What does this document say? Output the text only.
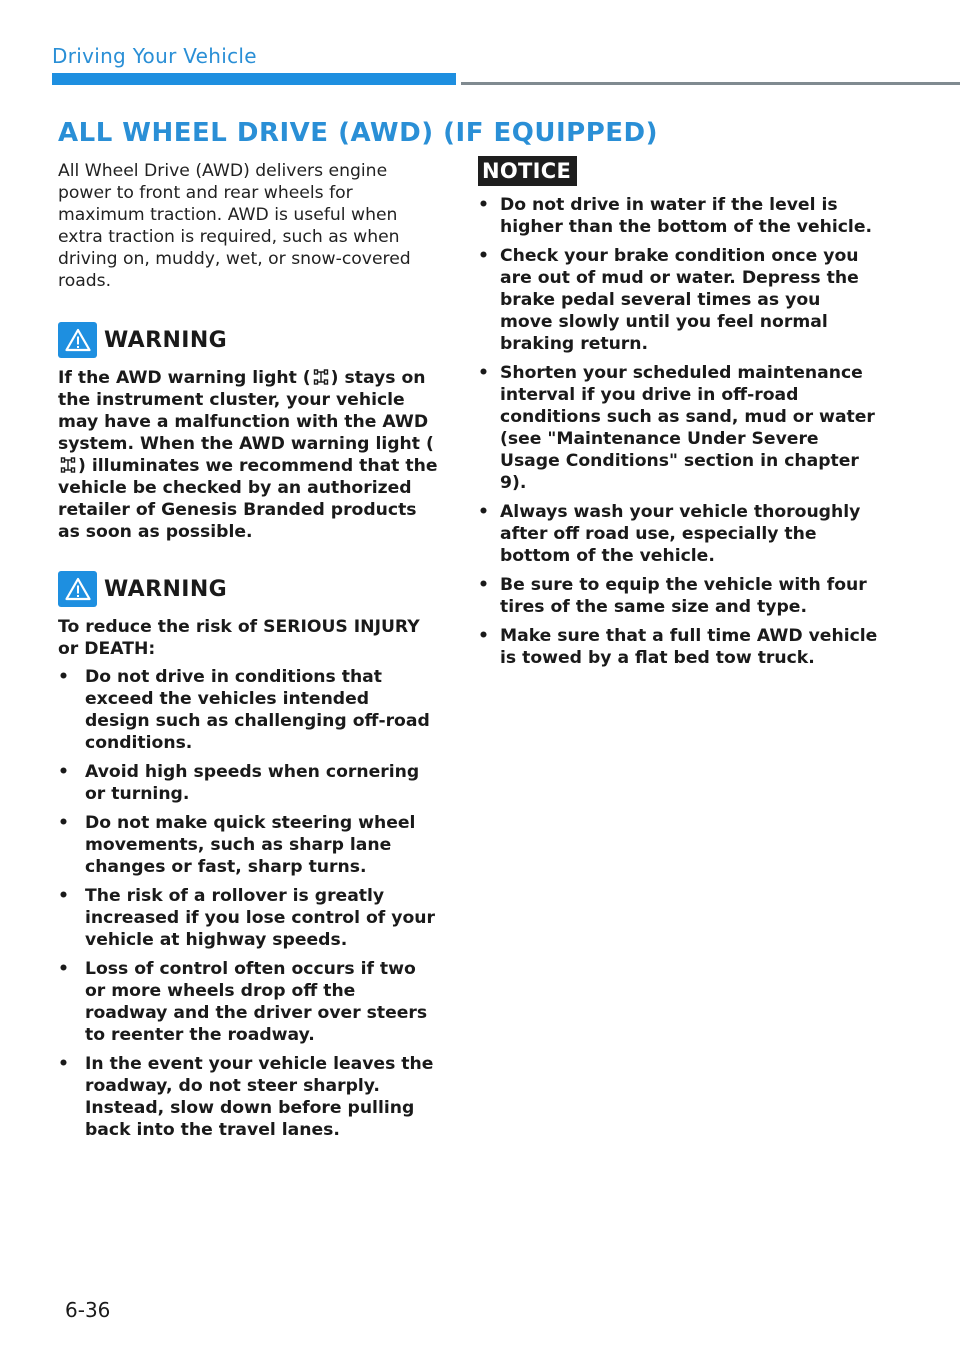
Driving Your Vehicle
ALL WHEEL DRIVE (AWD) (IF EQUIPPED)

All Wheel Drive (AWD) delivers engine power to front and rear wheels for maximum traction. AWD is useful when extra traction is required, such as when driving on, muddy, wet, or snow-covered roads.

WARNING

If the AWD warning light ( ) stays on the instrument cluster, your vehicle may have a malfunction with the AWD system. When the AWD warning light () illuminates we recommend that the vehicle be checked by an authorized retailer of Genesis Branded products as soon as possible.

WARNING

To reduce the risk of SERIOUS INJURY or DEATH:

• Do not drive in conditions that exceed the vehicles intended design such as challenging off-road conditions.
• Avoid high speeds when cornering or turning.
• Do not make quick steering wheel movements, such as sharp lane changes or fast, sharp turns.
• The risk of a rollover is greatly increased if you lose control of your vehicle at highway speeds.
• Loss of control often occurs if two or more wheels drop off the roadway and the driver over steers to reenter the roadway.
• In the event your vehicle leaves the roadway, do not steer sharply. Instead, slow down before pulling back into the travel lanes.
NOTICE
• Do not drive in water if the level is higher than the bottom of the vehicle.
• Check your brake condition once you are out of mud or water. Depress the brake pedal several times as you move slowly until you feel normal braking return.
• Shorten your scheduled maintenance interval if you drive in off-road conditions such as sand, mud or water (see "Maintenance Under Severe Usage Conditions" section in chapter 9).
• Always wash your vehicle thoroughly after off road use, especially the bottom of the vehicle.
• Be sure to equip the vehicle with four tires of the same size and type.
• Make sure that a full time AWD vehicle is towed by a flat bed tow truck.
6-36
